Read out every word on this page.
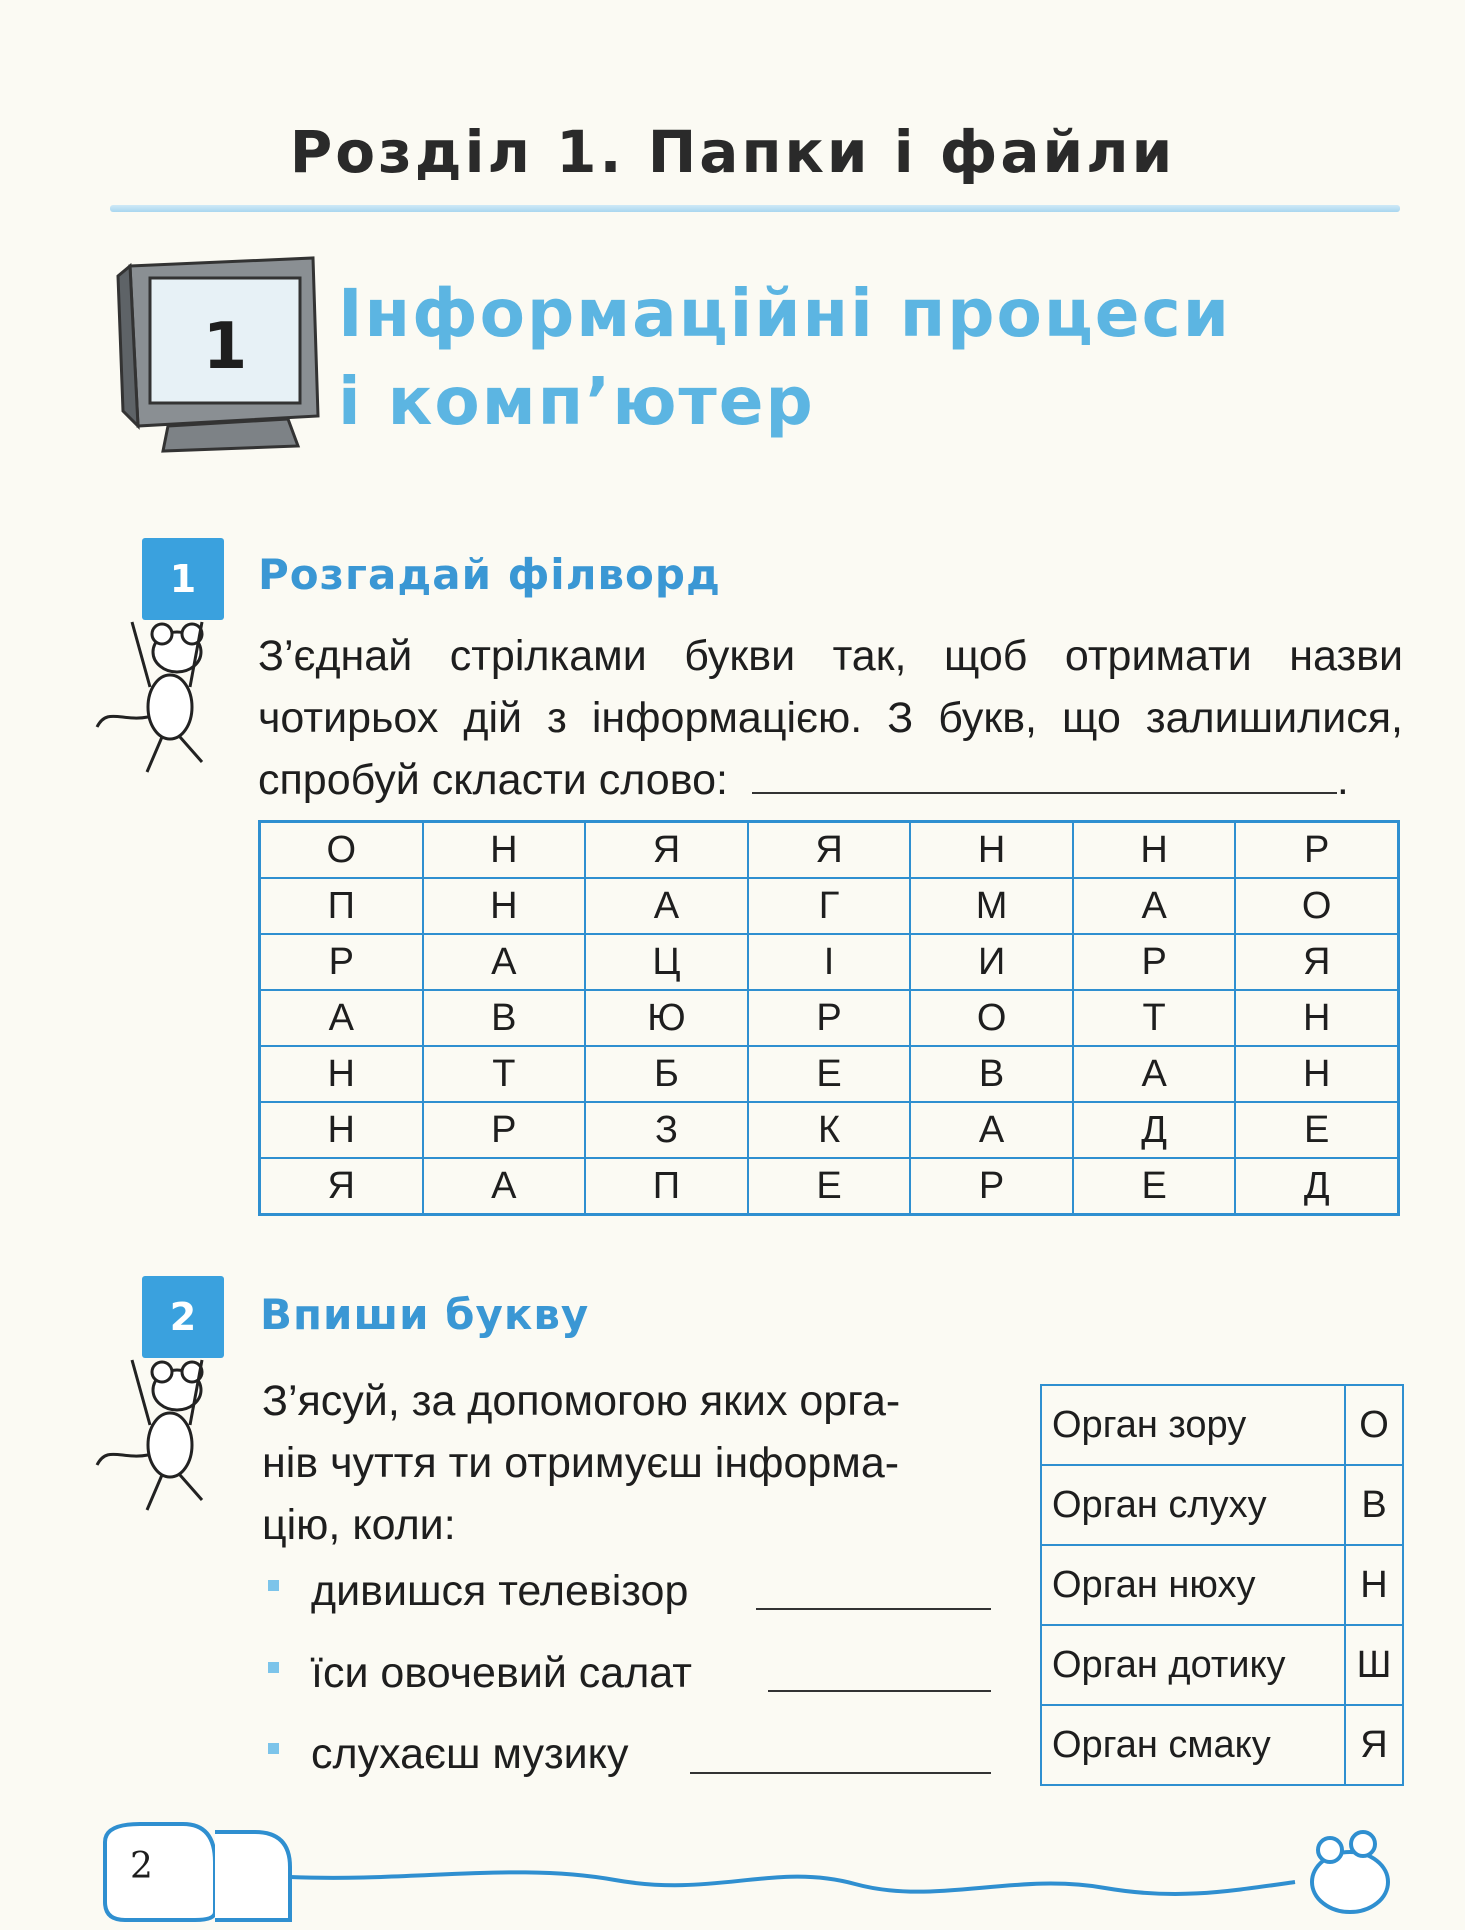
Розділ 1. Папки і файли
1 Інформаційні процеси
і комп’ютер
1	Розгадай філворд
З’єднай стрілками букви так, щоб отримати назви чотирьох дій з інформацією. З букв, що залишилися, спробуй скласти слово:	.
О	Н	Я	Я	Н	Н	Р
П	Н	А	Г	М	А	О
Р	А	Ц	І	И	Р	Я
А	В	Ю	Р	О	Т	Н
Н	Т	Б	Е	В	А	Н
Н	Р	З	К	А	Д	Е
Я	А	П	Е	Р	Е	Д
2	Впиши букву
З’ясуй, за допомогою яких орга-
нів чуття ти отримуєш інформа-
цію, коли:
дивишся телевізор
їси овочевий салат
слухаєш музику
Орган зору	О
Орган слуху	В
Орган нюху	Н
Орган дотику	Ш
Орган смаку	Я
2
